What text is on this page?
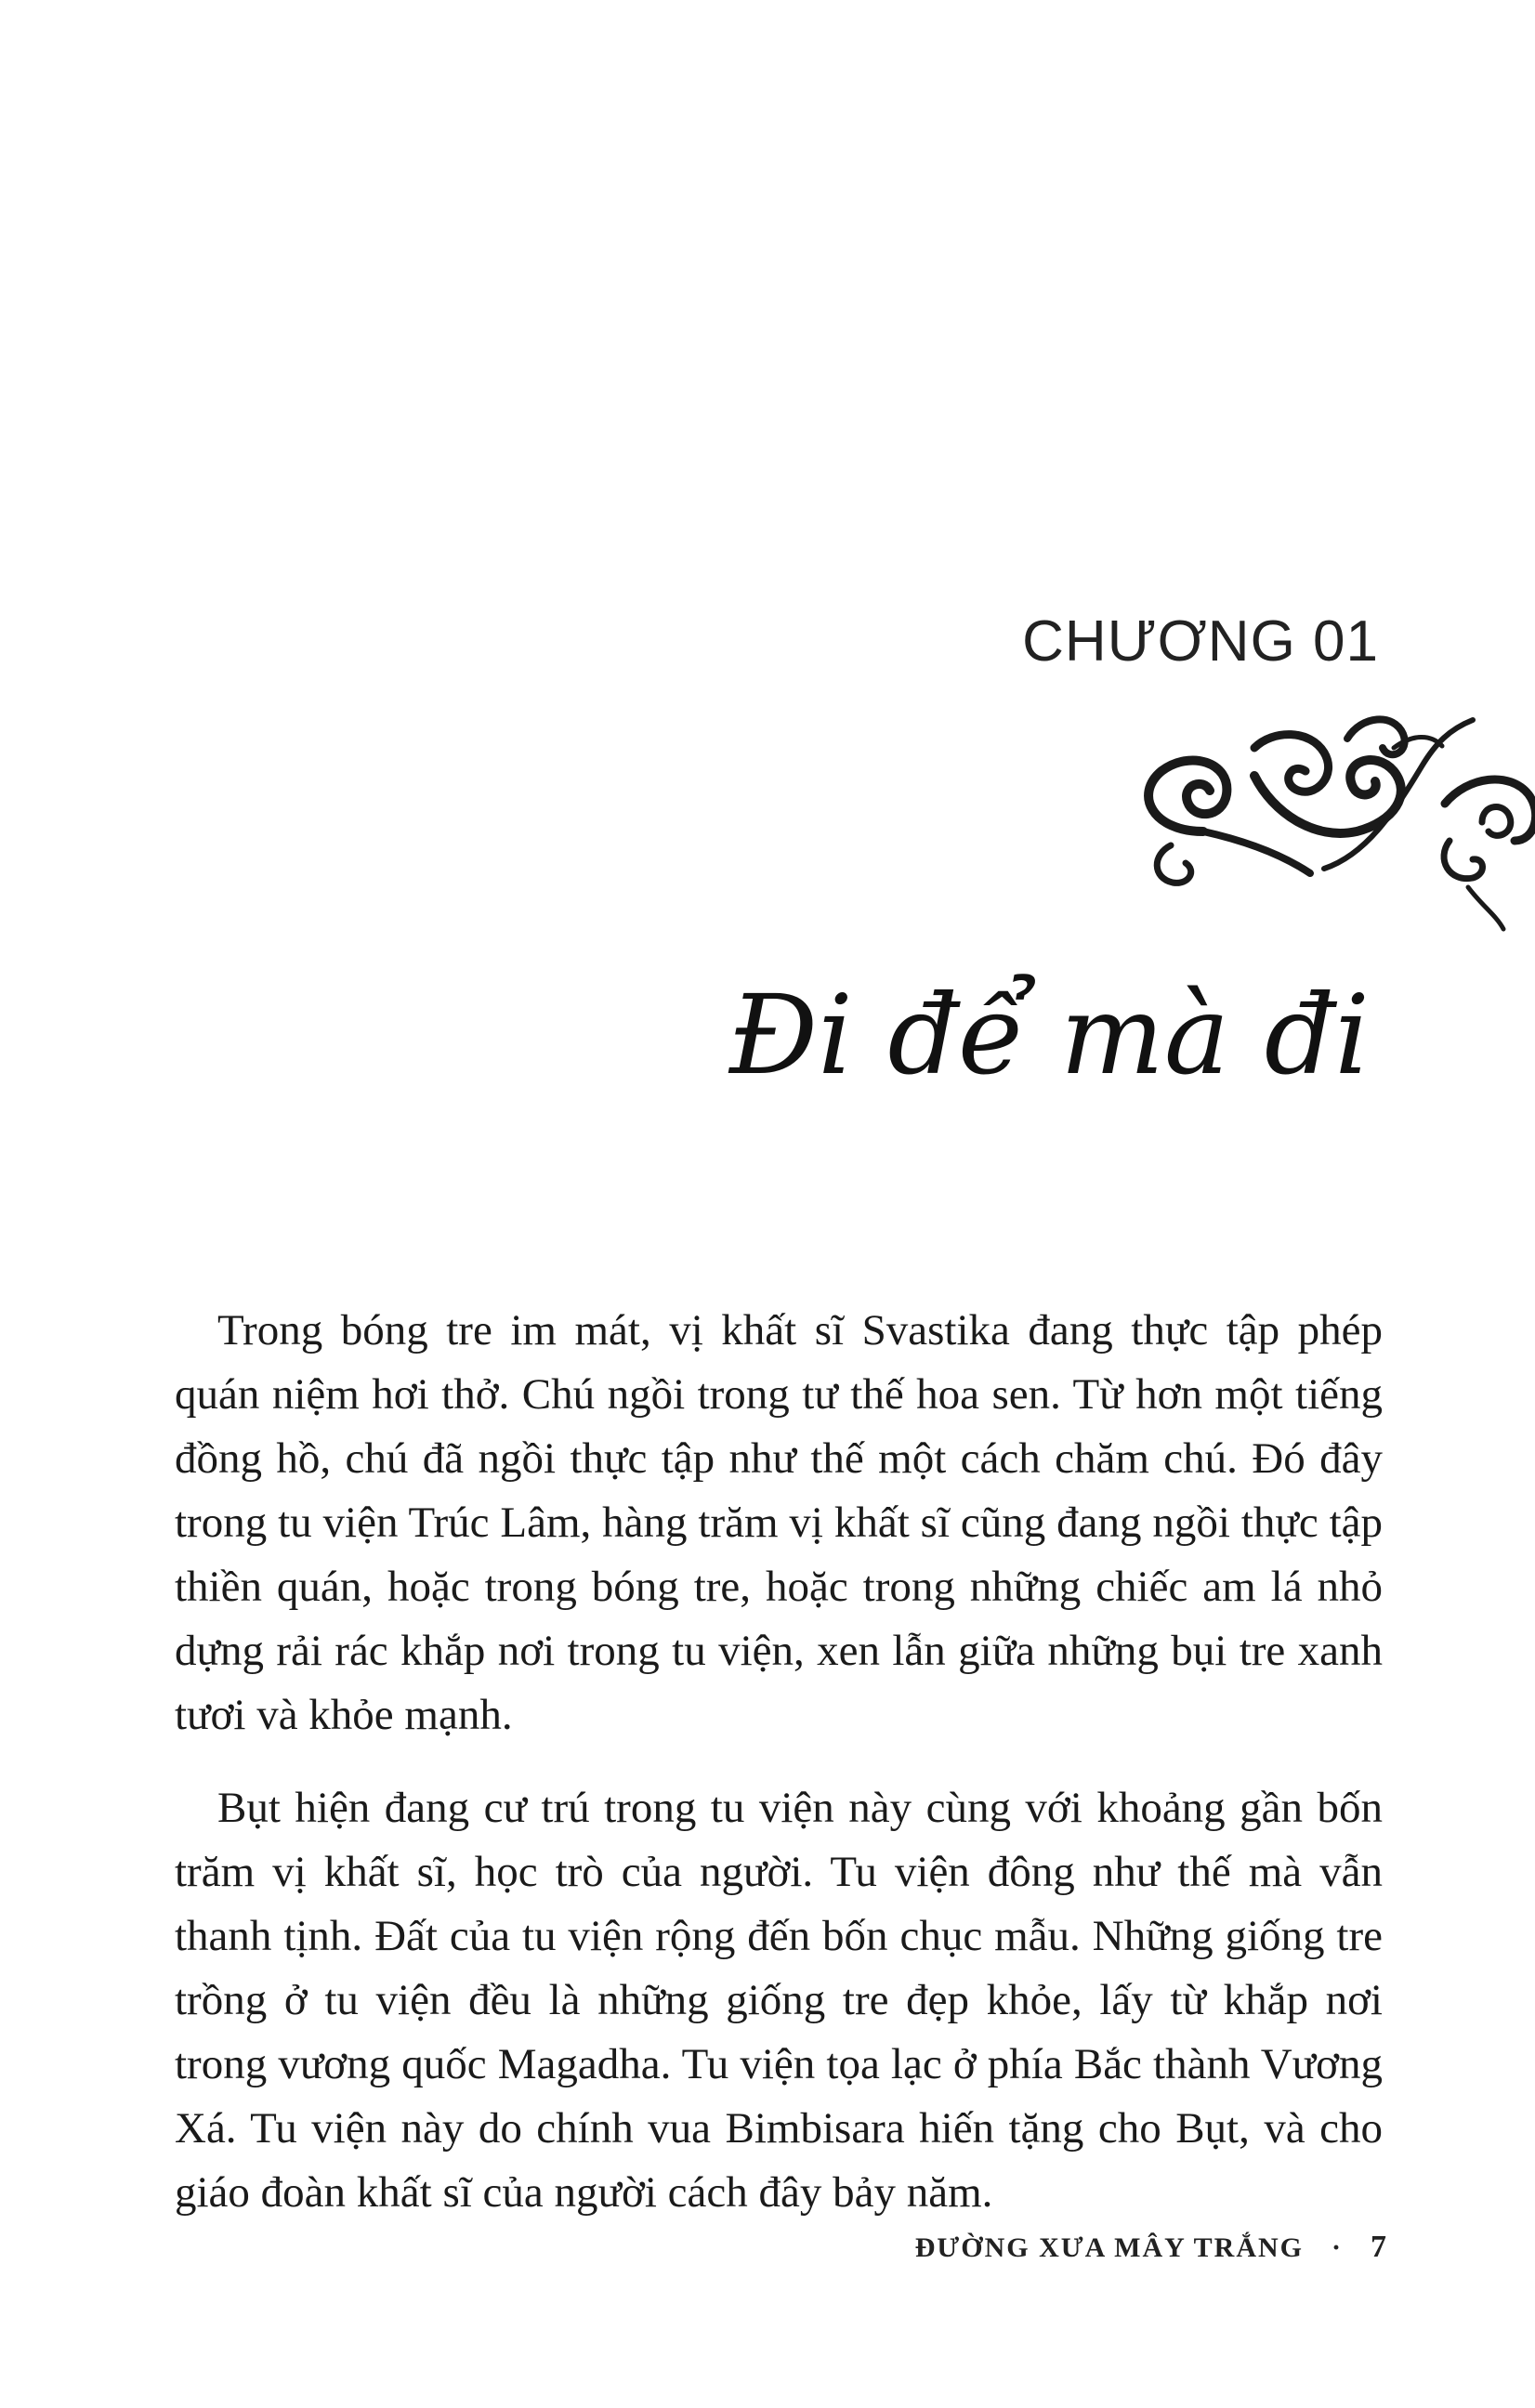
CHƯƠNG 01
Đi để mà đi

Trong bóng tre im mát, vị khất sĩ Svastika đang thực tập phép quán niệm hơi thở. Chú ngồi trong tư thế hoa sen. Từ hơn một tiếng đồng hồ, chú đã ngồi thực tập như thế một cách chăm chú. Đó đây trong tu viện Trúc Lâm, hàng trăm vị khất sĩ cũng đang ngồi thực tập thiền quán, hoặc trong bóng tre, hoặc trong những chiếc am lá nhỏ dựng rải rác khắp nơi trong tu viện, xen lẫn giữa những bụi tre xanh tươi và khỏe mạnh.

Bụt hiện đang cư trú trong tu viện này cùng với khoảng gần bốn trăm vị khất sĩ, học trò của người. Tu viện đông như thế mà vẫn thanh tịnh. Đất của tu viện rộng đến bốn chục mẫu. Những giống tre trồng ở tu viện đều là những giống tre đẹp khỏe, lấy từ khắp nơi trong vương quốc Magadha. Tu viện tọa lạc ở phía Bắc thành Vương Xá. Tu viện này do chính vua Bimbisara hiến tặng cho Bụt, và cho giáo đoàn khất sĩ của người cách đây bảy năm.

ĐƯỜNG XƯA MÂY TRẮNG · 7
